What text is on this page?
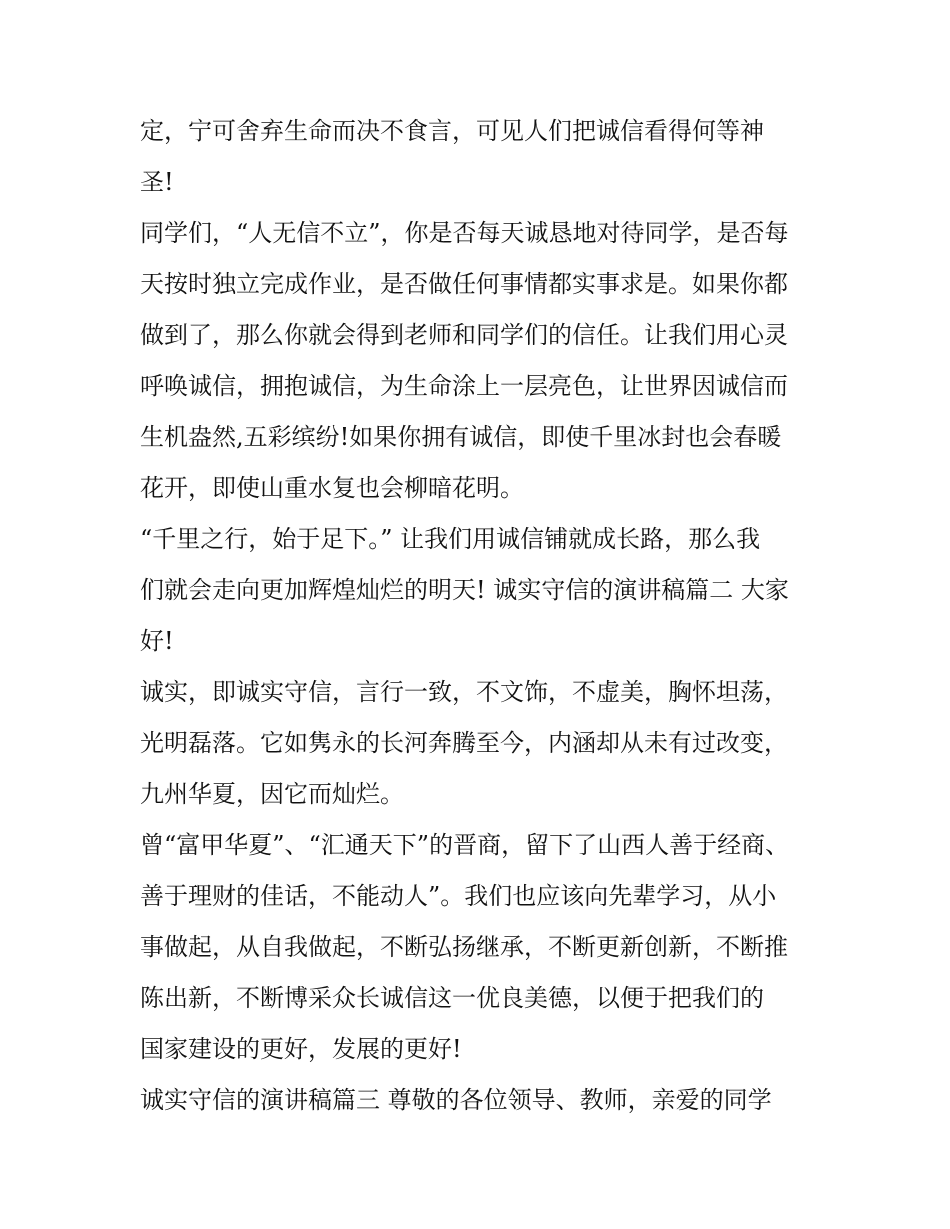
定，宁可舍弃生命而决不食言，可见人们把诚信看得何等神
圣!
同学们，“人无信不立”，你是否每天诚恳地对待同学，是否每
天按时独立完成作业，是否做任何事情都实事求是。如果你都
做到了，那么你就会得到老师和同学们的信任。让我们用心灵
呼唤诚信，拥抱诚信，为生命涂上一层亮色，让世界因诚信而
生机盎然,五彩缤纷!如果你拥有诚信，即使千里冰封也会春暖
花开，即使山重水复也会柳暗花明。
“千里之行，始于足下。” 让我们用诚信铺就成长路，那么我
们就会走向更加辉煌灿烂的明天! 诚实守信的演讲稿篇二 大家
好!
诚实，即诚实守信，言行一致，不文饰，不虚美，胸怀坦荡，
光明磊落。它如隽永的长河奔腾至今，内涵却从未有过改变，
九州华夏，因它而灿烂。
曾“富甲华夏”、“汇通天下”的晋商，留下了山西人善于经商、
善于理财的佳话，不能动人”。我们也应该向先辈学习，从小
事做起，从自我做起，不断弘扬继承，不断更新创新，不断推
陈出新，不断博采众长诚信这一优良美德，以便于把我们的
国家建设的更好，发展的更好!
诚实守信的演讲稿篇三 尊敬的各位领导、教师，亲爱的同学
